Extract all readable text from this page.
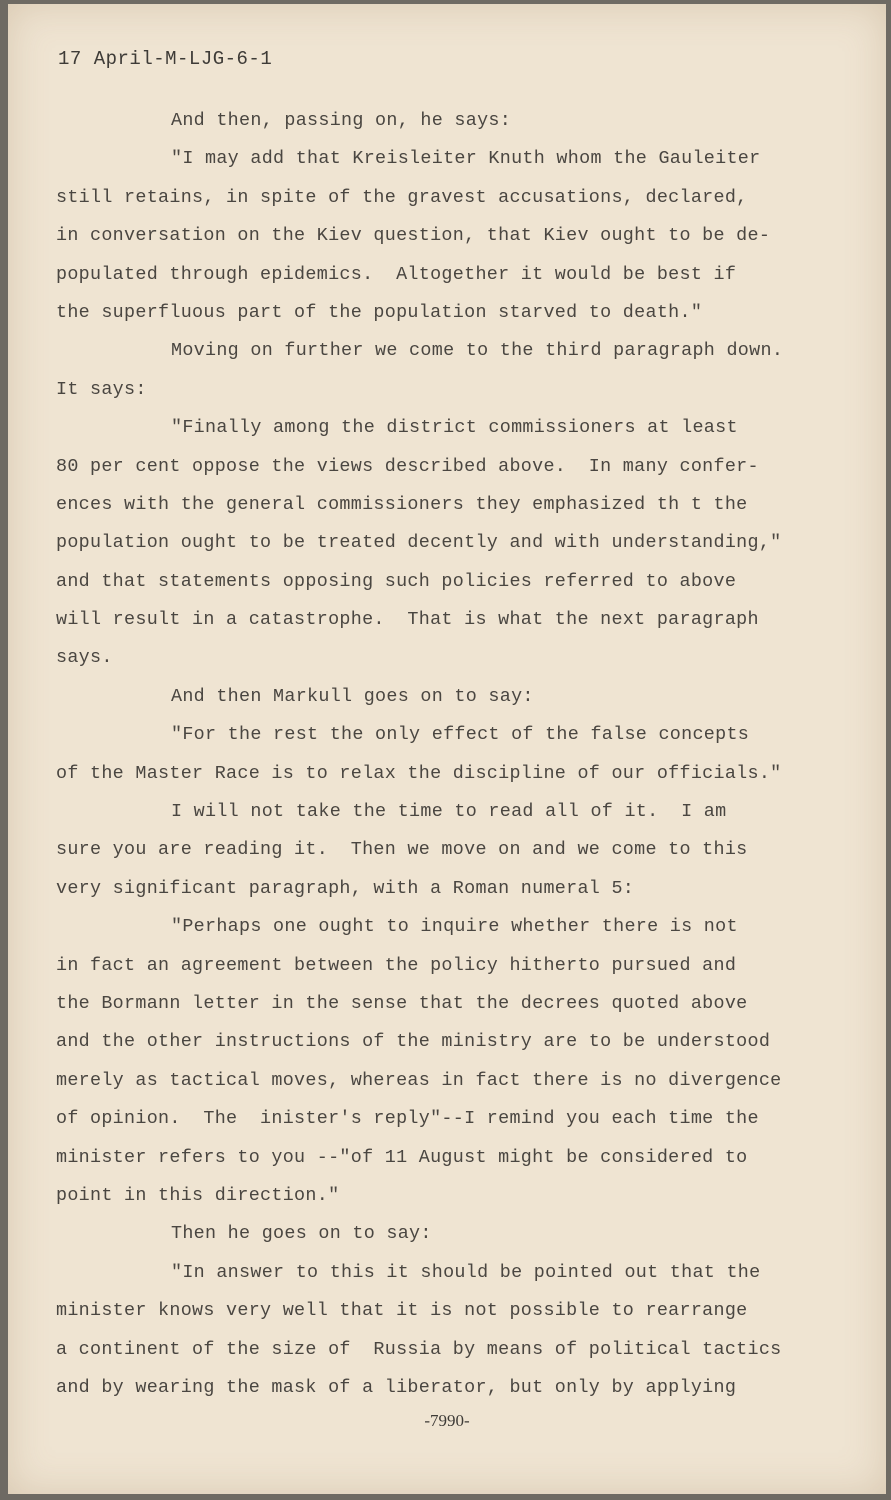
17 April-M-LJG-6-1
And then, passing on, he says:
"I may add that Kreisleiter Knuth whom the Gauleiter
still retains, in spite of the gravest accusations, declared,
in conversation on the Kiev question, that Kiev ought to be de-
populated through epidemics.  Altogether it would be best if
the superfluous part of the population starved to death."
Moving on further we come to the third paragraph down.
It says:
"Finally among the district commissioners at least
80 per cent oppose the views described above.  In many confer-
ences with the general commissioners they emphasized th t the
population ought to be treated decently and with understanding,"
and that statements opposing such policies referred to above
will result in a catastrophe.  That is what the next paragraph
says.
And then Markull goes on to say:
"For the rest the only effect of the false concepts
of the Master Race is to relax the discipline of our officials."
I will not take the time to read all of it.  I am
sure you are reading it.  Then we move on and we come to this
very significant paragraph, with a Roman numeral 5:
"Perhaps one ought to inquire whether there is not
in fact an agreement between the policy hitherto pursued and
the Bormann letter in the sense that the decrees quoted above
and the other instructions of the ministry are to be understood
merely as tactical moves, whereas in fact there is no divergence
of opinion.  The  inister's reply"--I remind you each time the
minister refers to you --"of 11 August might be considered to
point in this direction."
Then he goes on to say:
"In answer to this it should be pointed out that the
minister knows very well that it is not possible to rearrange
a continent of the size of  Russia by means of political tactics
and by wearing the mask of a liberator, but only by applying
-7990-
